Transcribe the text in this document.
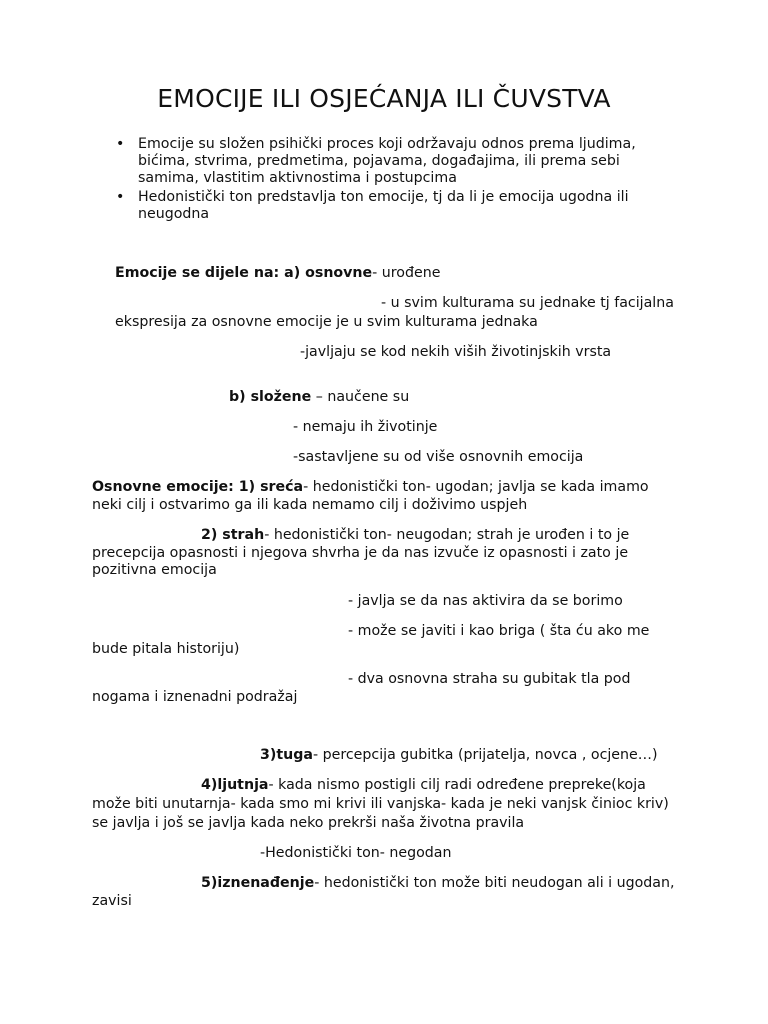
EMOCIJE ILI OSJEĆANJA ILI ČUVSTVA
• Emocije su složen psihički proces koji održavaju odnos prema ljudima, bićima, stvrima, predmetima, pojavama, događajima, ili prema sebi samima, vlastitim aktivnostima i postupcima
• Hedonistički ton predstavlja ton emocije, tj da li je emocija ugodna ili neugodna
Emocije se dijele na: a) osnovne- urođene
- u svim kulturama su jednake tj facijalna
ekspresija za osnovne emocije je u svim kulturama jednaka
-javljaju se kod nekih viših životinjskih vrsta
b) složene – naučene su
- nemaju ih životinje
-sastavljene su od više osnovnih emocija
Osnovne emocije: 1) sreća- hedonistički ton- ugodan; javlja se kada imamo neki cilj i ostvarimo ga ili kada nemamo cilj i doživimo uspjeh
2) strah- hedonistički ton- neugodan; strah je urođen i to je precepcija opasnosti i njegova shvrha je da nas izvuče iz opasnosti i zato je pozitivna emocija
- javlja se da nas aktivira da se borimo
- može se javiti i kao briga ( šta ću ako me
bude pitala historiju)
- dva osnovna straha su gubitak tla pod
nogama i iznenadni podražaj
3)tuga- percepcija gubitka (prijatelja, novca , ocjene…)
4)ljutnja- kada nismo postigli cilj radi određene prepreke(koja
može biti unutarnja- kada smo mi krivi ili vanjska- kada je neki vanjsk činioc kriv)
se javlja i još se javlja kada neko prekrši naša životna pravila
-Hedonistički ton- negodan
5)iznenađenje- hedonistički ton može biti neudogan ali i ugodan,
zavisi
